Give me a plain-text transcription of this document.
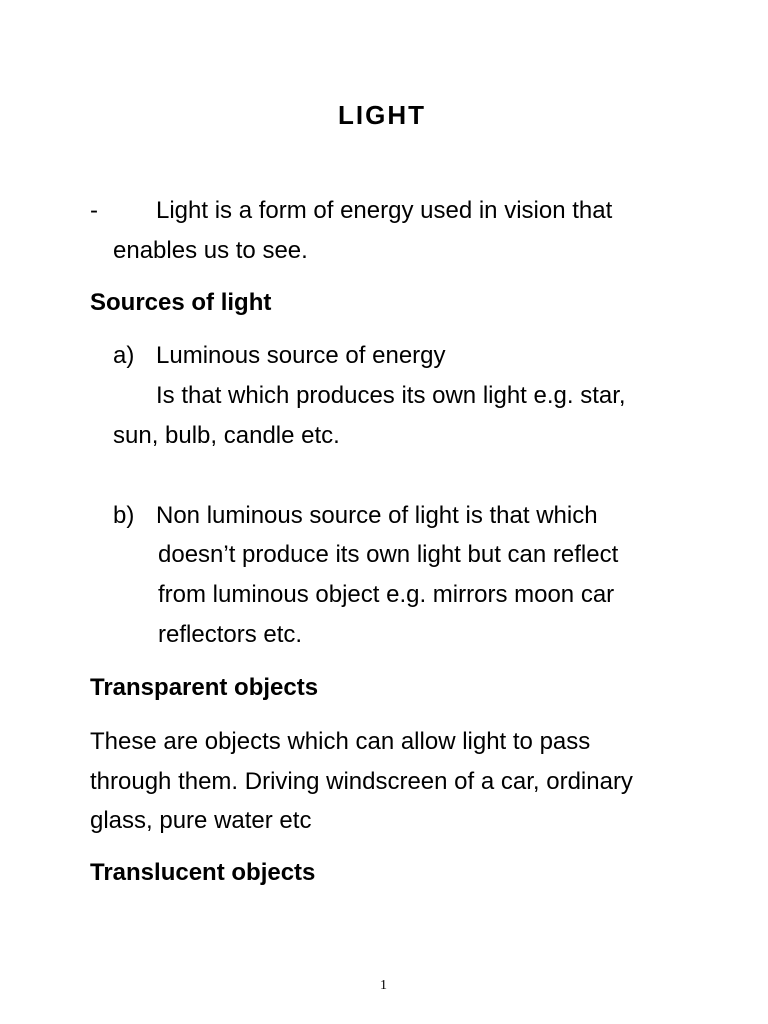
LIGHT
- Light is a form of energy used in vision that
enables us to see.
Sources of light
a) Luminous source of energy
Is that which produces its own light e.g. star,
sun, bulb, candle etc.
b) Non luminous source of light is that which
doesn’t produce its own light but can reflect
from luminous object e.g. mirrors moon car
reflectors etc.
Transparent objects
These are objects which can allow light to pass
through them. Driving windscreen of a car, ordinary
glass, pure water etc
Translucent objects
1
